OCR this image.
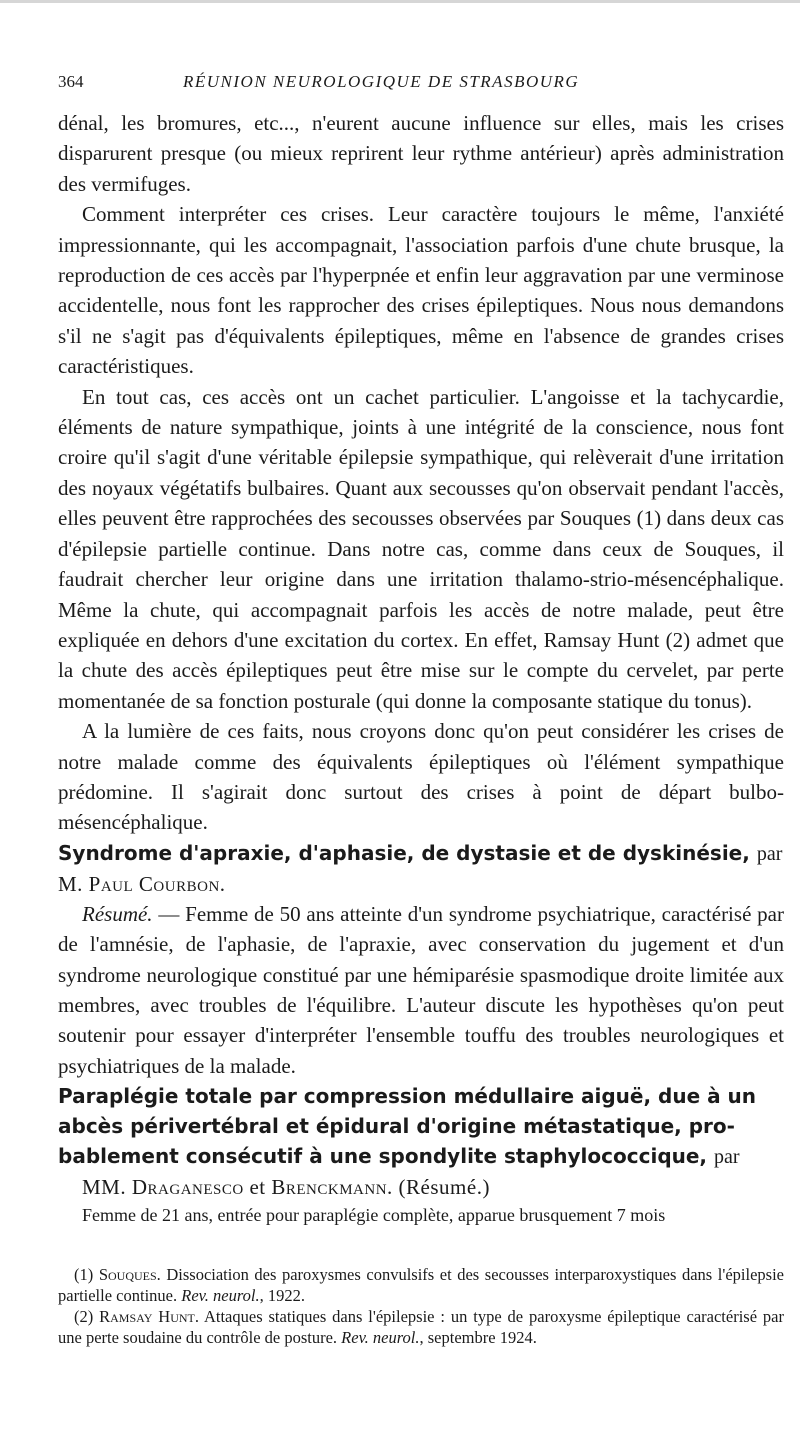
364	RÉUNION NEUROLOGIQUE DE STRASBOURG

dénal, les bromures, etc..., n'eurent aucune influence sur elles, mais les crises disparurent presque (ou mieux reprirent leur rythme antérieur) après administration des vermifuges.

Comment interpréter ces crises. Leur caractère toujours le même, l'anxiété impressionnante, qui les accompagnait, l'association parfois d'une chute brusque, la reproduction de ces accès par l'hyperpnée et enfin leur aggravation par une verminose accidentelle, nous font les rapprocher des crises épileptiques. Nous nous demandons s'il ne s'agit pas d'équivalents épileptiques, même en l'absence de grandes crises caractéristiques.

En tout cas, ces accès ont un cachet particulier. L'angoisse et la tachycardie, éléments de nature sympathique, joints à une intégrité de la conscience, nous font croire qu'il s'agit d'une véritable épilepsie sympathique, qui relèverait d'une irritation des noyaux végétatifs bulbaires. Quant aux secousses qu'on observait pendant l'accès, elles peuvent être rapprochées des secousses observées par Souques (1) dans deux cas d'épilepsie partielle continue. Dans notre cas, comme dans ceux de Souques, il faudrait chercher leur origine dans une irritation thalamo-strio-mésencéphalique. Même la chute, qui accompagnait parfois les accès de notre malade, peut être expliquée en dehors d'une excitation du cortex. En effet, Ramsay Hunt (2) admet que la chute des accès épileptiques peut être mise sur le compte du cervelet, par perte momentanée de sa fonction posturale (qui donne la composante statique du tonus).

A la lumière de ces faits, nous croyons donc qu'on peut considérer les crises de notre malade comme des équivalents épileptiques où l'élément sympathique prédomine. Il s'agirait donc surtout des crises à point de départ bulbo-mésencéphalique.

Syndrome d'apraxie, d'aphasie, de dystasie et de dyskinésie, par

M. Paul Courbon.

Résumé. — Femme de 50 ans atteinte d'un syndrome psychiatrique, caractérisé par de l'amnésie, de l'aphasie, de l'apraxie, avec conservation du jugement et d'un syndrome neurologique constitué par une hémiparésie spasmodique droite limitée aux membres, avec troubles de l'équilibre. L'auteur discute les hypothèses qu'on peut soutenir pour essayer d'interpréter l'ensemble touffu des troubles neurologiques et psychiatriques de la malade.

Paraplégie totale par compression médullaire aiguë, due à un
abcès périvertébral et épidural d'origine métastatique, pro-
bablement consécutif à une spondylite staphylococcique, par
MM. Draganesco et Brenckmann. (Résumé.)

Femme de 21 ans, entrée pour paraplégie complète, apparue brusquement 7 mois

(1) Souques. Dissociation des paroxysmes convulsifs et des secousses interparoxystiques dans l'épilepsie partielle continue. Rev. neurol., 1922.

(2) Ramsay Hunt. Attaques statiques dans l'épilepsie : un type de paroxysme épileptique caractérisé par une perte soudaine du contrôle de posture. Rev. neurol., septembre 1924.
